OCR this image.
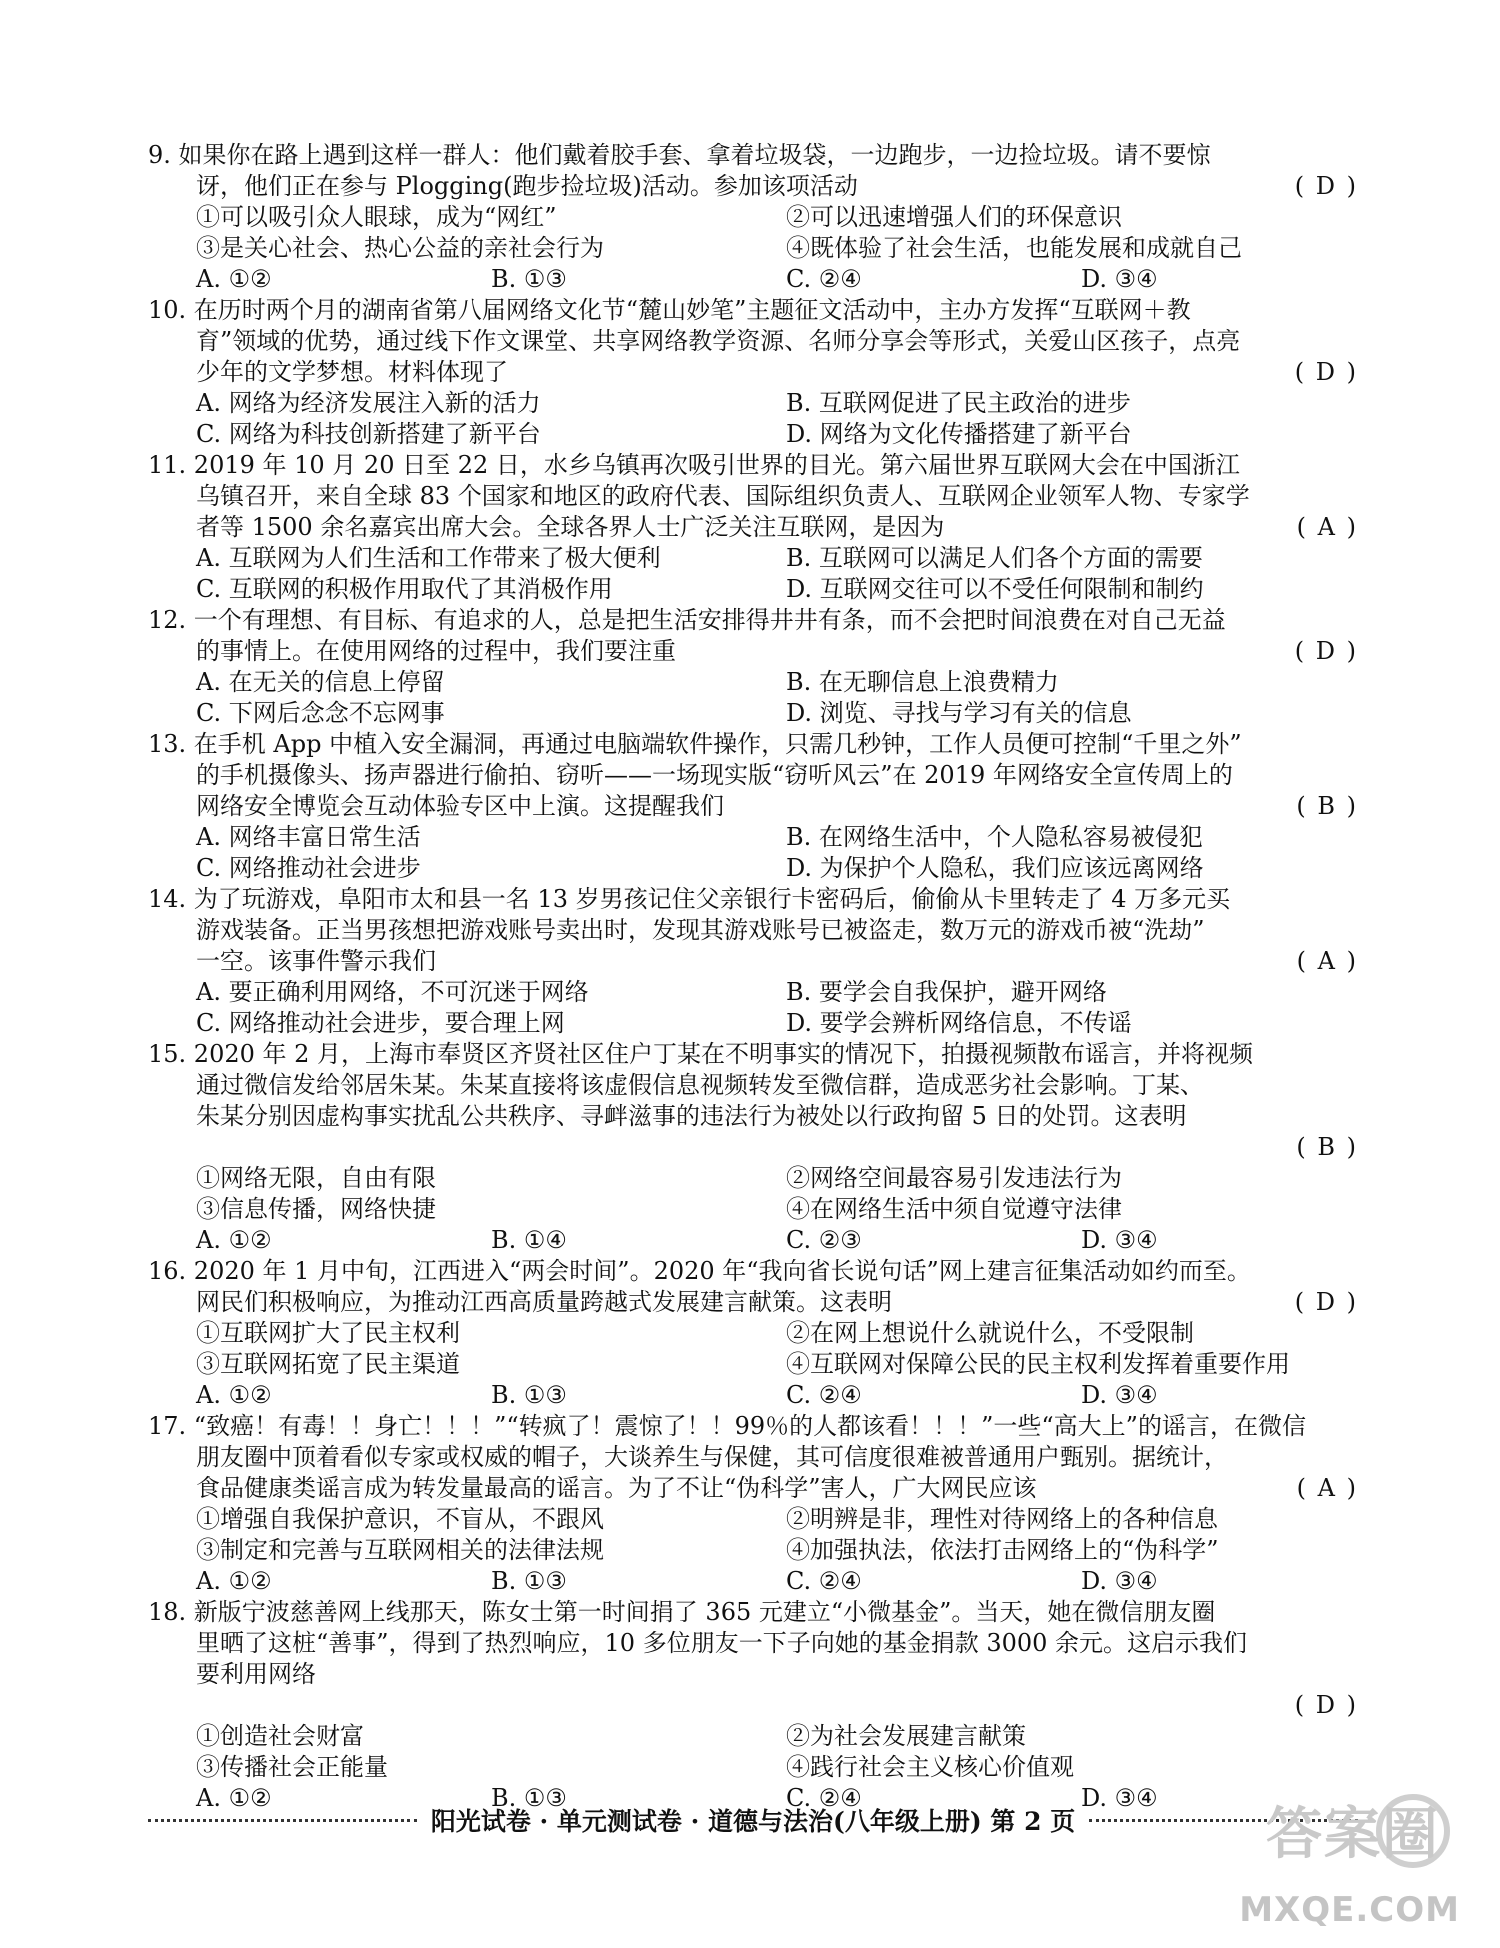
9. 如果你在路上遇到这样一群人：他们戴着胶手套、拿着垃圾袋，一边跑步，一边捡垃圾。请不要惊
讶，他们正在参与 Plogging(跑步捡垃圾)活动。参加该项活动	( D )
①可以吸引众人眼球，成为“网红”	②可以迅速增强人们的环保意识
③是关心社会、热心公益的亲社会行为	④既体验了社会生活，也能发展和成就自己
A. ①②	B. ①③	C. ②④	D. ③④
10. 在历时两个月的湖南省第八届网络文化节“麓山妙笔”主题征文活动中，主办方发挥“互联网＋教
育”领域的优势，通过线下作文课堂、共享网络教学资源、名师分享会等形式，关爱山区孩子，点亮
少年的文学梦想。材料体现了	( D )
A. 网络为经济发展注入新的活力	B. 互联网促进了民主政治的进步
C. 网络为科技创新搭建了新平台	D. 网络为文化传播搭建了新平台
11. 2019 年 10 月 20 日至 22 日，水乡乌镇再次吸引世界的目光。第六届世界互联网大会在中国浙江
乌镇召开，来自全球 83 个国家和地区的政府代表、国际组织负责人、互联网企业领军人物、专家学
者等 1500 余名嘉宾出席大会。全球各界人士广泛关注互联网，是因为	( A )
A. 互联网为人们生活和工作带来了极大便利	B. 互联网可以满足人们各个方面的需要
C. 互联网的积极作用取代了其消极作用	D. 互联网交往可以不受任何限制和制约
12. 一个有理想、有目标、有追求的人，总是把生活安排得井井有条，而不会把时间浪费在对自己无益
的事情上。在使用网络的过程中，我们要注重	( D )
A. 在无关的信息上停留	B. 在无聊信息上浪费精力
C. 下网后念念不忘网事	D. 浏览、寻找与学习有关的信息
13. 在手机 App 中植入安全漏洞，再通过电脑端软件操作，只需几秒钟，工作人员便可控制“千里之外”
的手机摄像头、扬声器进行偷拍、窃听——一场现实版“窃听风云”在 2019 年网络安全宣传周上的
网络安全博览会互动体验专区中上演。这提醒我们	( B )
A. 网络丰富日常生活	B. 在网络生活中，个人隐私容易被侵犯
C. 网络推动社会进步	D. 为保护个人隐私，我们应该远离网络
14. 为了玩游戏，阜阳市太和县一名 13 岁男孩记住父亲银行卡密码后，偷偷从卡里转走了 4 万多元买
游戏装备。正当男孩想把游戏账号卖出时，发现其游戏账号已被盗走，数万元的游戏币被“洗劫”
一空。该事件警示我们	( A )
A. 要正确利用网络，不可沉迷于网络	B. 要学会自我保护，避开网络
C. 网络推动社会进步，要合理上网	D. 要学会辨析网络信息，不传谣
15. 2020 年 2 月，上海市奉贤区齐贤社区住户丁某在不明事实的情况下，拍摄视频散布谣言，并将视频
通过微信发给邻居朱某。朱某直接将该虚假信息视频转发至微信群，造成恶劣社会影响。丁某、
朱某分别因虚构事实扰乱公共秩序、寻衅滋事的违法行为被处以行政拘留 5 日的处罚。这表明
( B )
①网络无限，自由有限	②网络空间最容易引发违法行为
③信息传播，网络快捷	④在网络生活中须自觉遵守法律
A. ①②	B. ①④	C. ②③	D. ③④
16. 2020 年 1 月中旬，江西进入“两会时间”。2020 年“我向省长说句话”网上建言征集活动如约而至。
网民们积极响应，为推动江西高质量跨越式发展建言献策。这表明	( D )
①互联网扩大了民主权利	②在网上想说什么就说什么，不受限制
③互联网拓宽了民主渠道	④互联网对保障公民的民主权利发挥着重要作用
A. ①②	B. ①③	C. ②④	D. ③④
17. “致癌！有毒！！身亡！！！”“转疯了！震惊了！！99％的人都该看！！！”一些“高大上”的谣言，在微信
朋友圈中顶着看似专家或权威的帽子，大谈养生与保健，其可信度很难被普通用户甄别。据统计，
食品健康类谣言成为转发量最高的谣言。为了不让“伪科学”害人，广大网民应该	( A )
①增强自我保护意识，不盲从，不跟风	②明辨是非，理性对待网络上的各种信息
③制定和完善与互联网相关的法律法规	④加强执法，依法打击网络上的“伪科学”
A. ①②	B. ①③	C. ②④	D. ③④
18. 新版宁波慈善网上线那天，陈女士第一时间捐了 365 元建立“小微基金”。当天，她在微信朋友圈
里晒了这桩“善事”，得到了热烈响应，10 多位朋友一下子向她的基金捐款 3000 余元。这启示我们
要利用网络
( D )
①创造社会财富	②为社会发展建言献策
③传播社会正能量	④践行社会主义核心价值观
A. ①②	B. ①③	C. ②④	D. ③④
阳光试卷 · 单元测试卷 · 道德与法治(八年级上册) 第 2 页	答案圈
MXQE.COM
